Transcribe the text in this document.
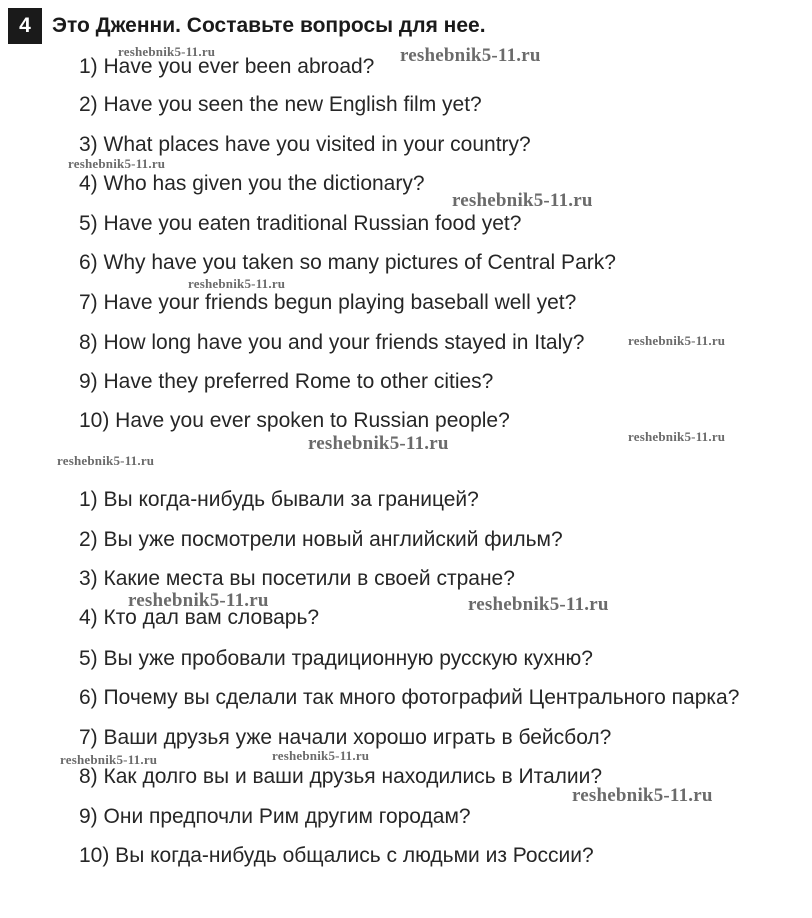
4	Это Дженни. Составьте вопросы для нее.
1) Have you ever been abroad?
2) Have you seen the new English film yet?
3) What places have you visited in your country?
4) Who has given you the dictionary?
5) Have you eaten traditional Russian food yet?
6) Why have you taken so many pictures of Central Park?
7) Have your friends begun playing baseball well yet?
8) How long have you and your friends stayed in Italy?
9) Have they preferred Rome to other cities?
10) Have you ever spoken to Russian people?
1) Вы когда-нибудь бывали за границей?
2) Вы уже посмотрели новый английский фильм?
3) Какие места вы посетили в своей стране?
4) Кто дал вам словарь?
5) Вы уже пробовали традиционную русскую кухню?
6) Почему вы сделали так много фотографий Центрального парка?
7) Ваши друзья уже начали хорошо играть в бейсбол?
8) Как долго вы и ваши друзья находились в Италии?
9) Они предпочли Рим другим городам?
10) Вы когда-нибудь общались с людьми из России?
reshebnik5-11.ru	reshebnik5-11.ru
reshebnik5-11.ru
reshebnik5-11.ru
reshebnik5-11.ru
reshebnik5-11.ru
reshebnik5-11.ru
reshebnik5-11.ru
reshebnik5-11.ru
reshebnik5-11.ru	reshebnik5-11.ru
reshebnik5-11.ru
reshebnik5-11.ru
reshebnik5-11.ru
